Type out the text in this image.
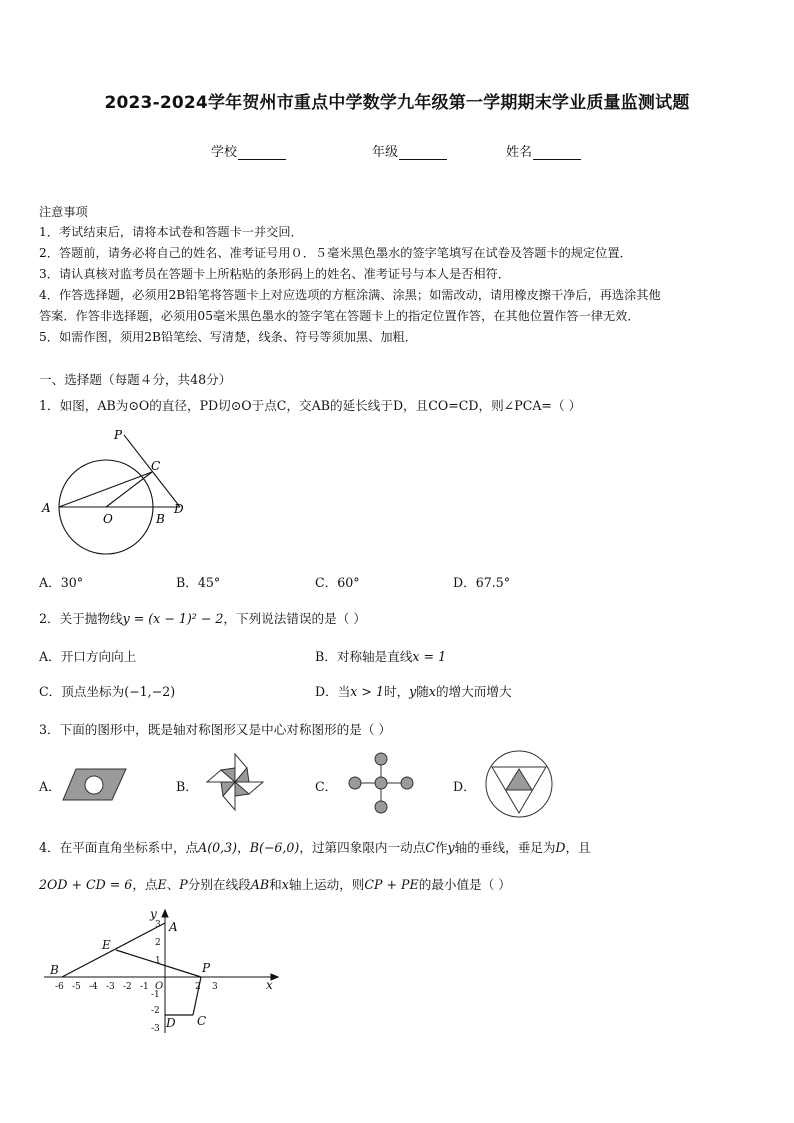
2023-2024学年贺州市重点中学数学九年级第一学期期末学业质量监测试题
学校	年级	姓名
注意事项
1．考试结束后，请将本试卷和答题卡一并交回．
2．答题前，请务必将自己的姓名、准考证号用０．５毫米黑色墨水的签字笔填写在试卷及答题卡的规定位置．
3．请认真核对监考员在答题卡上所粘贴的条形码上的姓名、准考证号与本人是否相符．
4．作答选择题，必须用2B铅笔将答题卡上对应选项的方框涂满、涂黑；如需改动，请用橡皮擦干净后，再选涂其他
答案．作答非选择题，必须用05毫米黑色墨水的签字笔在答题卡上的指定位置作答，在其他位置作答一律无效．
5．如需作图，须用2B铅笔绘、写清楚，线条、符号等须加黑、加粗．
一、选择题（每题４分，共48分）
1．如图，AB为⊙O的直径，PD切⊙O于点C，交AB的延长线于D，且CO=CD，则∠PCA=（ ）
P
C
A
O	B
D
A．30°	B．45°	C．60°	D．67.5°
2．关于抛物线y = (x − 1)² − 2，下列说法错误的是（ ）
A．开口方向向上	B．对称轴是直线x = 1
C．顶点坐标为(−1,−2)	D．当x > 1时，y随x的增大而增大
3．下面的图形中，既是轴对称图形又是中心对称图形的是（ ）
A．	B．	C．	D．
4．在平面直角坐标系中，点A(0,3)，B(−6,0)，过第四象限内一动点C作y轴的垂线，垂足为D，且
2OD + CD = 6，点E、P分别在线段AB和x轴上运动，则CP + PE的最小值是（ ）
-6 -5 -4 -3 -2 -1	2 3
3
2
1
-1
-2
-3
O	x
y
A
B
E
P
D C
